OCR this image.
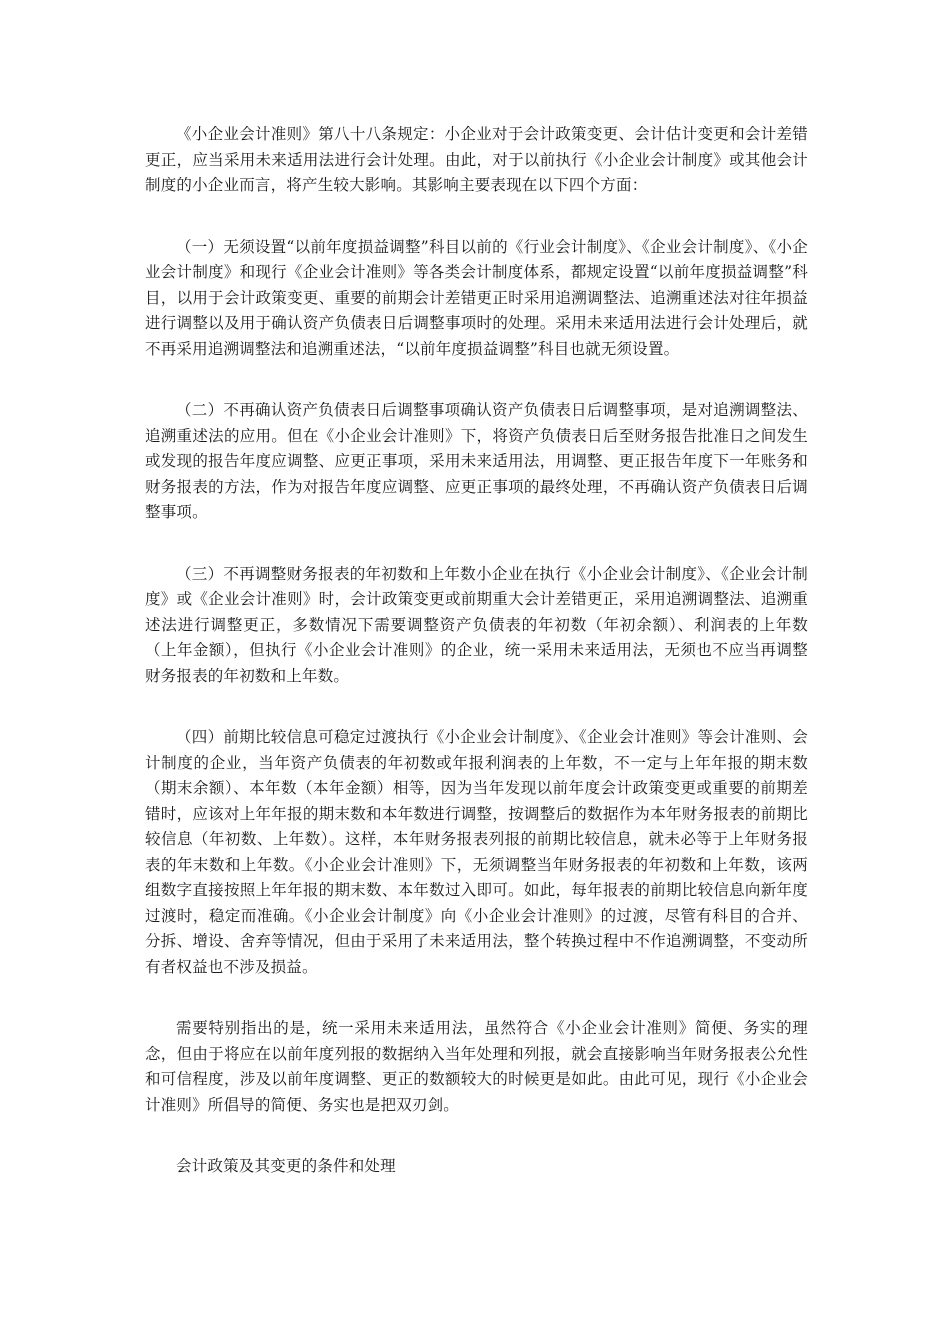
《小企业会计准则》第八十八条规定：小企业对于会计政策变更、会计估计变更和会计差错更正，应当采用未来适用法进行会计处理。由此，对于以前执行《小企业会计制度》或其他会计制度的小企业而言，将产生较大影响。其影响主要表现在以下四个方面：

（一）无须设置“以前年度损益调整”科目以前的《行业会计制度》、《企业会计制度》、《小企业会计制度》和现行《企业会计准则》等各类会计制度体系，都规定设置“以前年度损益调整”科目，以用于会计政策变更、重要的前期会计差错更正时采用追溯调整法、追溯重述法对往年损益进行调整以及用于确认资产负债表日后调整事项时的处理。采用未来适用法进行会计处理后，就不再采用追溯调整法和追溯重述法，“以前年度损益调整”科目也就无须设置。

（二）不再确认资产负债表日后调整事项确认资产负债表日后调整事项，是对追溯调整法、追溯重述法的应用。但在《小企业会计准则》下，将资产负债表日后至财务报告批准日之间发生或发现的报告年度应调整、应更正事项，采用未来适用法，用调整、更正报告年度下一年账务和财务报表的方法，作为对报告年度应调整、应更正事项的最终处理，不再确认资产负债表日后调整事项。

（三）不再调整财务报表的年初数和上年数小企业在执行《小企业会计制度》、《企业会计制度》或《企业会计准则》时，会计政策变更或前期重大会计差错更正，采用追溯调整法、追溯重述法进行调整更正，多数情况下需要调整资产负债表的年初数（年初余额）、利润表的上年数（上年金额），但执行《小企业会计准则》的企业，统一采用未来适用法，无须也不应当再调整财务报表的年初数和上年数。

（四）前期比较信息可稳定过渡执行《小企业会计制度》、《企业会计准则》等会计准则、会计制度的企业，当年资产负债表的年初数或年报利润表的上年数，不一定与上年年报的期末数（期末余额）、本年数（本年金额）相等，因为当年发现以前年度会计政策变更或重要的前期差错时，应该对上年年报的期末数和本年数进行调整，按调整后的数据作为本年财务报表的前期比较信息（年初数、上年数）。这样，本年财务报表列报的前期比较信息，就未必等于上年财务报表的年末数和上年数。《小企业会计准则》下，无须调整当年财务报表的年初数和上年数，该两组数字直接按照上年年报的期末数、本年数过入即可。如此，每年报表的前期比较信息向新年度过渡时，稳定而准确。《小企业会计制度》向《小企业会计准则》的过渡，尽管有科目的合并、分拆、增设、舍弃等情况，但由于采用了未来适用法，整个转换过程中不作追溯调整，不变动所有者权益也不涉及损益。

需要特别指出的是，统一采用未来适用法，虽然符合《小企业会计准则》简便、务实的理念，但由于将应在以前年度列报的数据纳入当年处理和列报，就会直接影响当年财务报表公允性和可信程度，涉及以前年度调整、更正的数额较大的时候更是如此。由此可见，现行《小企业会计准则》所倡导的简便、务实也是把双刃剑。

会计政策及其变更的条件和处理
